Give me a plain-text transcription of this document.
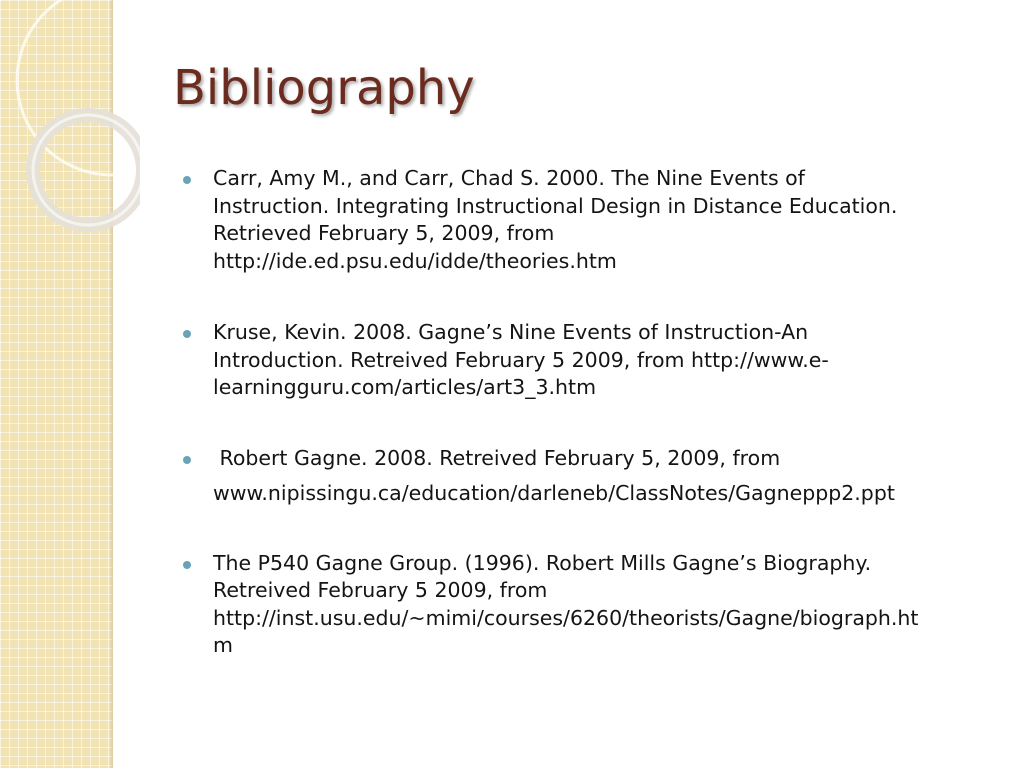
Bibliography
Carr, Amy M., and Carr, Chad S. 2000. The Nine Events of
Instruction. Integrating Instructional Design in Distance Education.
Retrieved February 5, 2009, from
http://ide.ed.psu.edu/idde/theories.htm
Kruse, Kevin. 2008. Gagne’s Nine Events of Instruction-An
Introduction. Retreived February 5 2009, from http://www.e-
learningguru.com/articles/art3_3.htm
Robert Gagne. 2008. Retreived February 5, 2009, from
www.nipissingu.ca/education/darleneb/ClassNotes/Gagneppp2.ppt
The P540 Gagne Group. (1996). Robert Mills Gagne’s Biography.
Retreived February 5 2009, from
http://inst.usu.edu/~mimi/courses/6260/theorists/Gagne/biograph.ht
m
